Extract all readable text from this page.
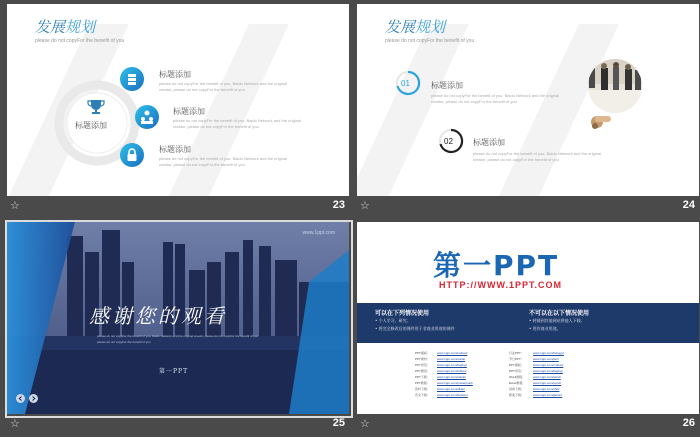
发展规划
please do not copyFor the benefit of you
标题添加
标题添加
please do not copyFor the benefit of you, Baidu Network and the original
creator, please do not copyFor the benefit of you
标题添加
please do not copyFor the benefit of you, Baidu Network and the original
creator, please do not copyFor the benefit of you
标题添加
please do not copyFor the benefit of you, Baidu Network and the original
creator, please do not copyFor the benefit of you
☆	23
发展规划
please do not copyFor the benefit of you
01	标题添加
please do not copyFor the benefit of you, Baidu Network and the original
creator, please do not copyFor the benefit of you
02	标题添加
please do not copyFor the benefit of you, Baidu Network and the original
creator, please do not copyFor the benefit of you
☆	24
www.1ppt.com
感谢您的观看
please do not copyFor the benefit of you, Baidu Network and the original creator, please do not copyFor the benefit of you
please do not copyFor the benefit of you
第一PPT
☆	25
第一PPT
HTTP://WWW.1PPT.COM
可以在下列情况使用
• 个人学习、研究；
• 将完全修改后的课件用于非商业用途的课件
不可以在以下情况使用
• 转载到其他网站供他人下载；
• 用作商业用途。
PPT模板： www.1ppt.com/moban/
PPT素材： www.1ppt.com/sucai/
PPT背景： www.1ppt.com/beijing/
PPT图表： www.1ppt.com/tubiao/
PPT下载： www.1ppt.com/xiazai/
PPT教程： www.1ppt.com/powerpoint/
资料下载： www.1ppt.com/ziliao/
范文下载： www.1ppt.com/fanwen/
行业PPT：	www.1ppt.com/hangye/
节日PPT：	www.1ppt.com/jieri/
PPT模板：	www.1ppt.com/moban/
PPT背景：	www.1ppt.com/beijing/
Word教程：	www.1ppt.com/word/
Excel教程：	www.1ppt.com/excel/
试卷下载：	www.1ppt.com/shiti/
教案下载：	www.1ppt.com/jiaoan/
☆	26
